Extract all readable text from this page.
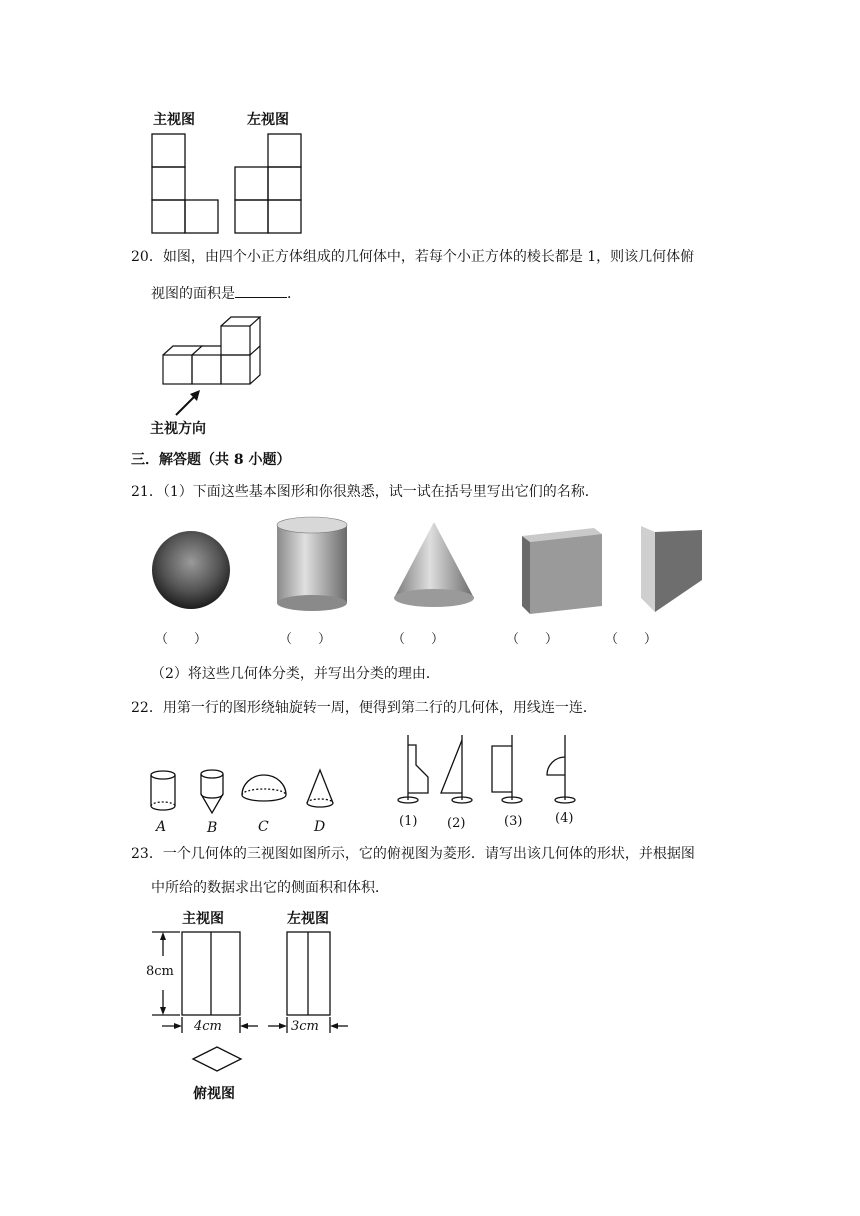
主视图	左视图
20．如图，由四个小正方体组成的几何体中，若每个小正方体的棱长都是 1，则该几何体俯
视图的面积是	．
主视方向
三．解答题（共 8 小题）
21．（1）下面这些基本图形和你很熟悉，试一试在括号里写出它们的名称．
（　　）	（　　）	（　　）	（　　）	（　　）
（2）将这些几何体分类，并写出分类的理由．
22．用第一行的图形绕轴旋转一周，便得到第二行的几何体，用线连一连．
A	B	C	D	(1) (2)	(3)	(4)
23．一个几何体的三视图如图所示，它的俯视图为菱形．请写出该几何体的形状，并根据图
中所给的数据求出它的侧面积和体积．
主视图	左视图
8cm
4cm	3cm
俯视图
